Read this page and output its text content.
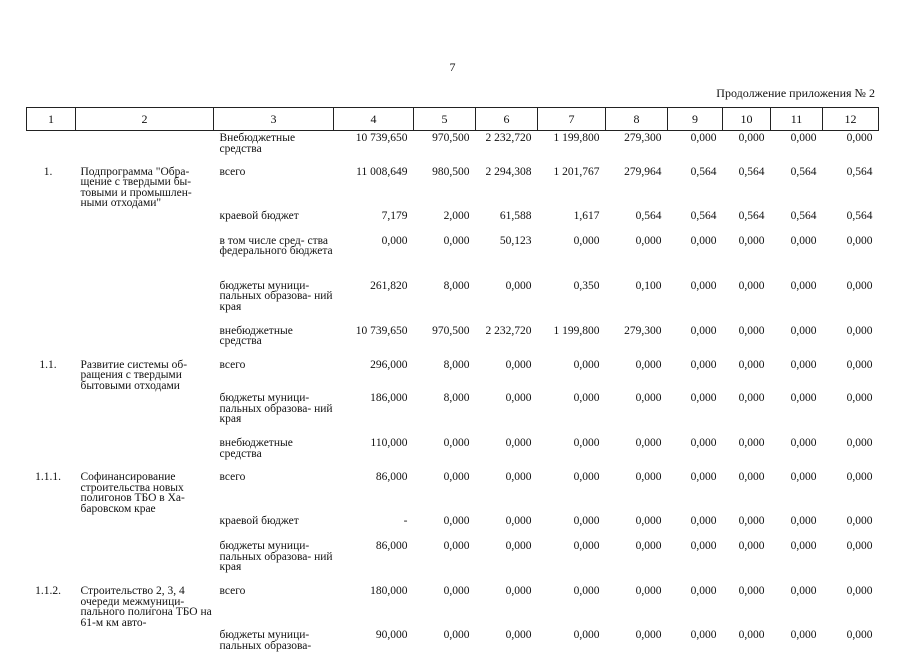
7
Продолжение приложения № 2
1	2	3	4	5	6	7	8	9	10	11	12
		Внебюджетные средства	10 739,650	970,500	2 232,720	1 199,800	279,300	0,000	0,000	0,000	0,000
1.	Подпрограмма "Обра- щение с твердыми бы- товыми и промышлен- ными отходами"	всего	11 008,649	980,500	2 294,308	1 201,767	279,964	0,564	0,564	0,564	0,564
		краевой бюджет	7,179	2,000	61,588	1,617	0,564	0,564	0,564	0,564	0,564
		в том числе сред- ства федерального бюджета	0,000	0,000	50,123	0,000	0,000	0,000	0,000	0,000	0,000
		бюджеты муници- пальных образова- ний края	261,820	8,000	0,000	0,350	0,100	0,000	0,000	0,000	0,000
		внебюджетные средства	10 739,650	970,500	2 232,720	1 199,800	279,300	0,000	0,000	0,000	0,000
1.1.	Развитие системы об- ращения с твердыми бытовыми отходами	всего	296,000	8,000	0,000	0,000	0,000	0,000	0,000	0,000	0,000
		бюджеты муници- пальных образова- ний края	186,000	8,000	0,000	0,000	0,000	0,000	0,000	0,000	0,000
		внебюджетные средства	110,000	0,000	0,000	0,000	0,000	0,000	0,000	0,000	0,000
1.1.1.	Софинансирование строительства новых полигонов ТБО в Ха- баровском крае	всего	86,000	0,000	0,000	0,000	0,000	0,000	0,000	0,000	0,000
		краевой бюджет	-	0,000	0,000	0,000	0,000	0,000	0,000	0,000	0,000
		бюджеты муници- пальных образова- ний края	86,000	0,000	0,000	0,000	0,000	0,000	0,000	0,000	0,000
1.1.2.	Строительство 2, 3, 4 очереди межмуници- пального полигона ТБО на 61-м км авто-	всего	180,000	0,000	0,000	0,000	0,000	0,000	0,000	0,000	0,000
		бюджеты муници- пальных образова-	90,000	0,000	0,000	0,000	0,000	0,000	0,000	0,000	0,000
